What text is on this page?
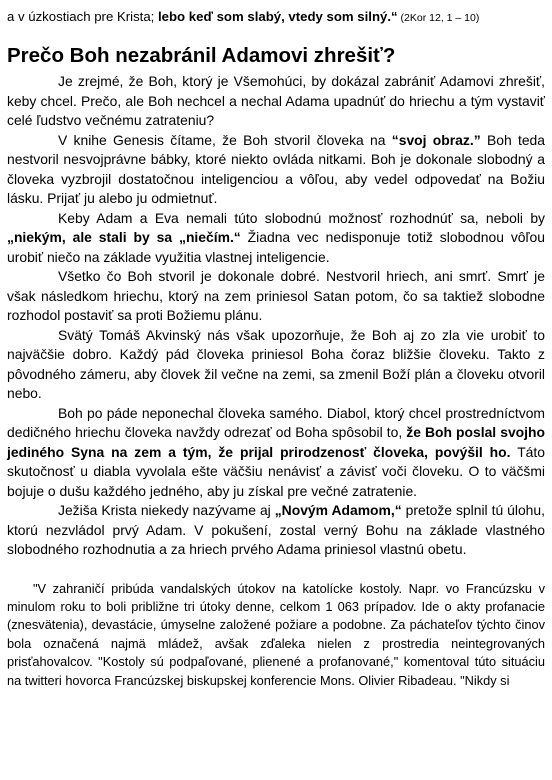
a v úzkostiach pre Krista; lebo keď som slabý, vtedy som silný.“ (2Kor 12, 1 – 10)

Prečo Boh nezabránil Adamovi zhrešiť?

Je zrejmé, že Boh, ktorý je Všemohúci, by dokázal zabrániť Adamovi zhrešiť, keby chcel. Prečo, ale Boh nechcel a nechal Adama upadnúť do hriechu a tým vystaviť celé ľudstvo večnému zatrateniu?

V knihe Genesis čítame, že Boh stvoril človeka na “svoj obraz.” Boh teda nestvoril nesvojprávne bábky, ktoré niekto ovláda nitkami. Boh je dokonale slobodný a človeka vyzbrojil dostatočnou inteligenciou a vôľou, aby vedel odpovedať na Božiu lásku. Prijať ju alebo ju odmietnuť.

Keby Adam a Eva nemali túto slobodnú možnosť rozhodnúť sa, neboli by „niekým, ale stali by sa „niečím.“ Žiadna vec nedisponuje totiž slobodnou vôľou urobiť niečo na základe využitia vlastnej inteligencie.

Všetko čo Boh stvoril je dokonale dobré. Nestvoril hriech, ani smrť. Smrť je však následkom hriechu, ktorý na zem priniesol Satan potom, čo sa taktiež slobodne rozhodol postaviť sa proti Božiemu plánu.

Svätý Tomáš Akvinský nás však upozorňuje, že Boh aj zo zla vie urobiť to najväčšie dobro. Každý pád človeka priniesol Boha čoraz bližšie človeku. Takto z pôvodného zámeru, aby človek žil večne na zemi, sa zmenil Boží plán a človeku otvoril nebo.

Boh po páde neponechal človeka samého. Diabol, ktorý chcel prostredníctvom dedičného hriechu človeka navždy odrezať od Boha spôsobil to, že Boh poslal svojho jediného Syna na zem a tým, že prijal prirodzenosť človeka, povýšil ho. Táto skutočnosť u diabla vyvolala ešte väčšiu nenávisť a závisť voči človeku. O to väčšmi bojuje o dušu každého jedného, aby ju získal pre večné zatratenie.

Ježiša Krista niekedy nazývame aj „Novým Adamom,“ pretože splnil tú úlohu, ktorú nezvládol prvý Adam. V pokušení, zostal verný Bohu na základe vlastného slobodného rozhodnutia a za hriech prvého Adama priniesol vlastnú obetu.

"V zahraničí pribúda vandalských útokov na katolícke kostoly. Napr. vo Francúzsku v minulom roku to boli približne tri útoky denne, celkom 1 063 prípadov. Ide o akty profanacie (znesvätenia), devastácie, úmyselne založené požiare a podobne. Za páchateľov týchto činov bola označená najmä mládež, avšak zďaleka nielen z prostredia neintegrovaných prisťahovalcov. "Kostoly sú podpaľované, plienené a profanované," komentoval túto situáciu na twitteri hovorca Francúzskej biskupskej konferencie Mons. Olivier Ribadeau. "Nikdy si
